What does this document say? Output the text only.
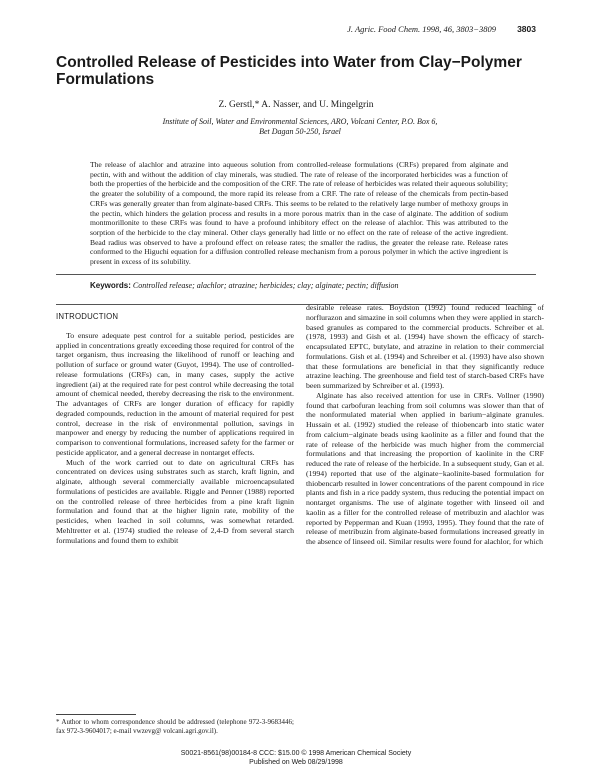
J. Agric. Food Chem. 1998, 46, 3803−3809 3803
Controlled Release of Pesticides into Water from Clay−Polymer Formulations
Z. Gerstl,* A. Nasser, and U. Mingelgrin
Institute of Soil, Water and Environmental Sciences, ARO, Volcani Center, P.O. Box 6,
Bet Dagan 50-250, Israel

The release of alachlor and atrazine into aqueous solution from controlled-release formulations (CRFs) prepared from alginate and pectin, with and without the addition of clay minerals, was studied. The rate of release of the incorporated herbicides was a function of both the properties of the herbicide and the composition of the CRF. The rate of release of herbicides was related their aqueous solubility; the greater the solubility of a compound, the more rapid its release from a CRF. The rate of release of the chemicals from pectin-based CRFs was generally greater than from alginate-based CRFs. This seems to be related to the relatively large number of methoxy groups in the pectin, which hinders the gelation process and results in a more porous matrix than in the case of alginate. The addition of sodium montmorillonite to these CRFs was found to have a profound inhibitory effect on the release of alachlor. This was attributed to the sorption of the herbicide to the clay mineral. Other clays generally had little or no effect on the rate of release of the active ingredient. Bead radius was observed to have a profound effect on release rates; the smaller the radius, the greater the release rate. Release rates conformed to the Higuchi equation for a diffusion controlled release mechanism from a porous polymer in which the active ingredient is present in excess of its solubility.

Keywords: Controlled release; alachlor; atrazine; herbicides; clay; alginate; pectin; diffusion
INTRODUCTION

To ensure adequate pest control for a suitable period, pesticides are applied in concentrations greatly exceeding those required for control of the target organism, thus increasing the likelihood of runoff or leaching and pollution of surface or ground water (Guyot, 1994). The use of controlled-release formulations (CRFs) can, in many cases, supply the active ingredient (ai) at the required rate for pest control while decreasing the total amount of chemical needed, thereby decreasing the risk to the environment. The advantages of CRFs are longer duration of efficacy for rapidly degraded compounds, reduction in the amount of material required for pest control, decrease in the risk of environmental pollution, savings in manpower and energy by reducing the number of applications required in comparison to conventional formulations, increased safety for the farmer or pesticide applicator, and a general decrease in nontarget effects.

Much of the work carried out to date on agricultural CRFs has concentrated on devices using substrates such as starch, kraft lignin, and alginate, although several commercially available microencapsulated formulations of pesticides are available. Riggle and Penner (1988) reported on the controlled release of three herbicides from a pine kraft lignin formulation and found that at the higher lignin rate, mobility of the pesticides, when leached in soil columns, was somewhat retarded. Mehltretter et al. (1974) studied the release of 2,4-D from several starch formulations and found them to exhibit

desirable release rates. Boydston (1992) found reduced leaching of norflurazon and simazine in soil columns when they were applied in starch-based granules as compared to the commercial products. Schreiber et al. (1978, 1993) and Gish et al. (1994) have shown the efficacy of starch-encapsulated EPTC, butylate, and atrazine in relation to their commercial formulations. Gish et al. (1994) and Schreiber et al. (1993) have also shown that these formulations are beneficial in that they significantly reduce atrazine leaching. The greenhouse and field test of starch-based CRFs have been summarized by Schreiber et al. (1993).

Alginate has also received attention for use in CRFs. Vollner (1990) found that carbofuran leaching from soil columns was slower than that of the nonformulated material when applied in barium−alginate granules. Hussain et al. (1992) studied the release of thiobencarb into static water from calcium−alginate beads using kaolinite as a filler and found that the rate of release of the herbicide was much higher from the commercial formulations and that increasing the proportion of kaolinite in the CRF reduced the rate of release of the herbicide. In a subsequent study, Gan et al. (1994) reported that use of the alginate−kaolinite-based formulation for thiobencarb resulted in lower concentrations of the parent compound in rice plants and fish in a rice paddy system, thus reducing the potential impact on nontarget organisms. The use of alginate together with linseed oil and kaolin as a filler for the controlled release of metribuzin and alachlor was reported by Pepperman and Kuan (1993, 1995). They found that the rate of release of metribuzin from alginate-based formulations increased greatly in the absence of linseed oil. Similar results were found for alachlor, for which

* Author to whom correspondence should be addressed (telephone 972-3-9683446; fax 972-3-9604017; e-mail vwzevg@ volcani.agri.gov.il).
S0021-8561(98)00184-8 CCC: $15.00 © 1998 American Chemical Society
Published on Web 08/29/1998
